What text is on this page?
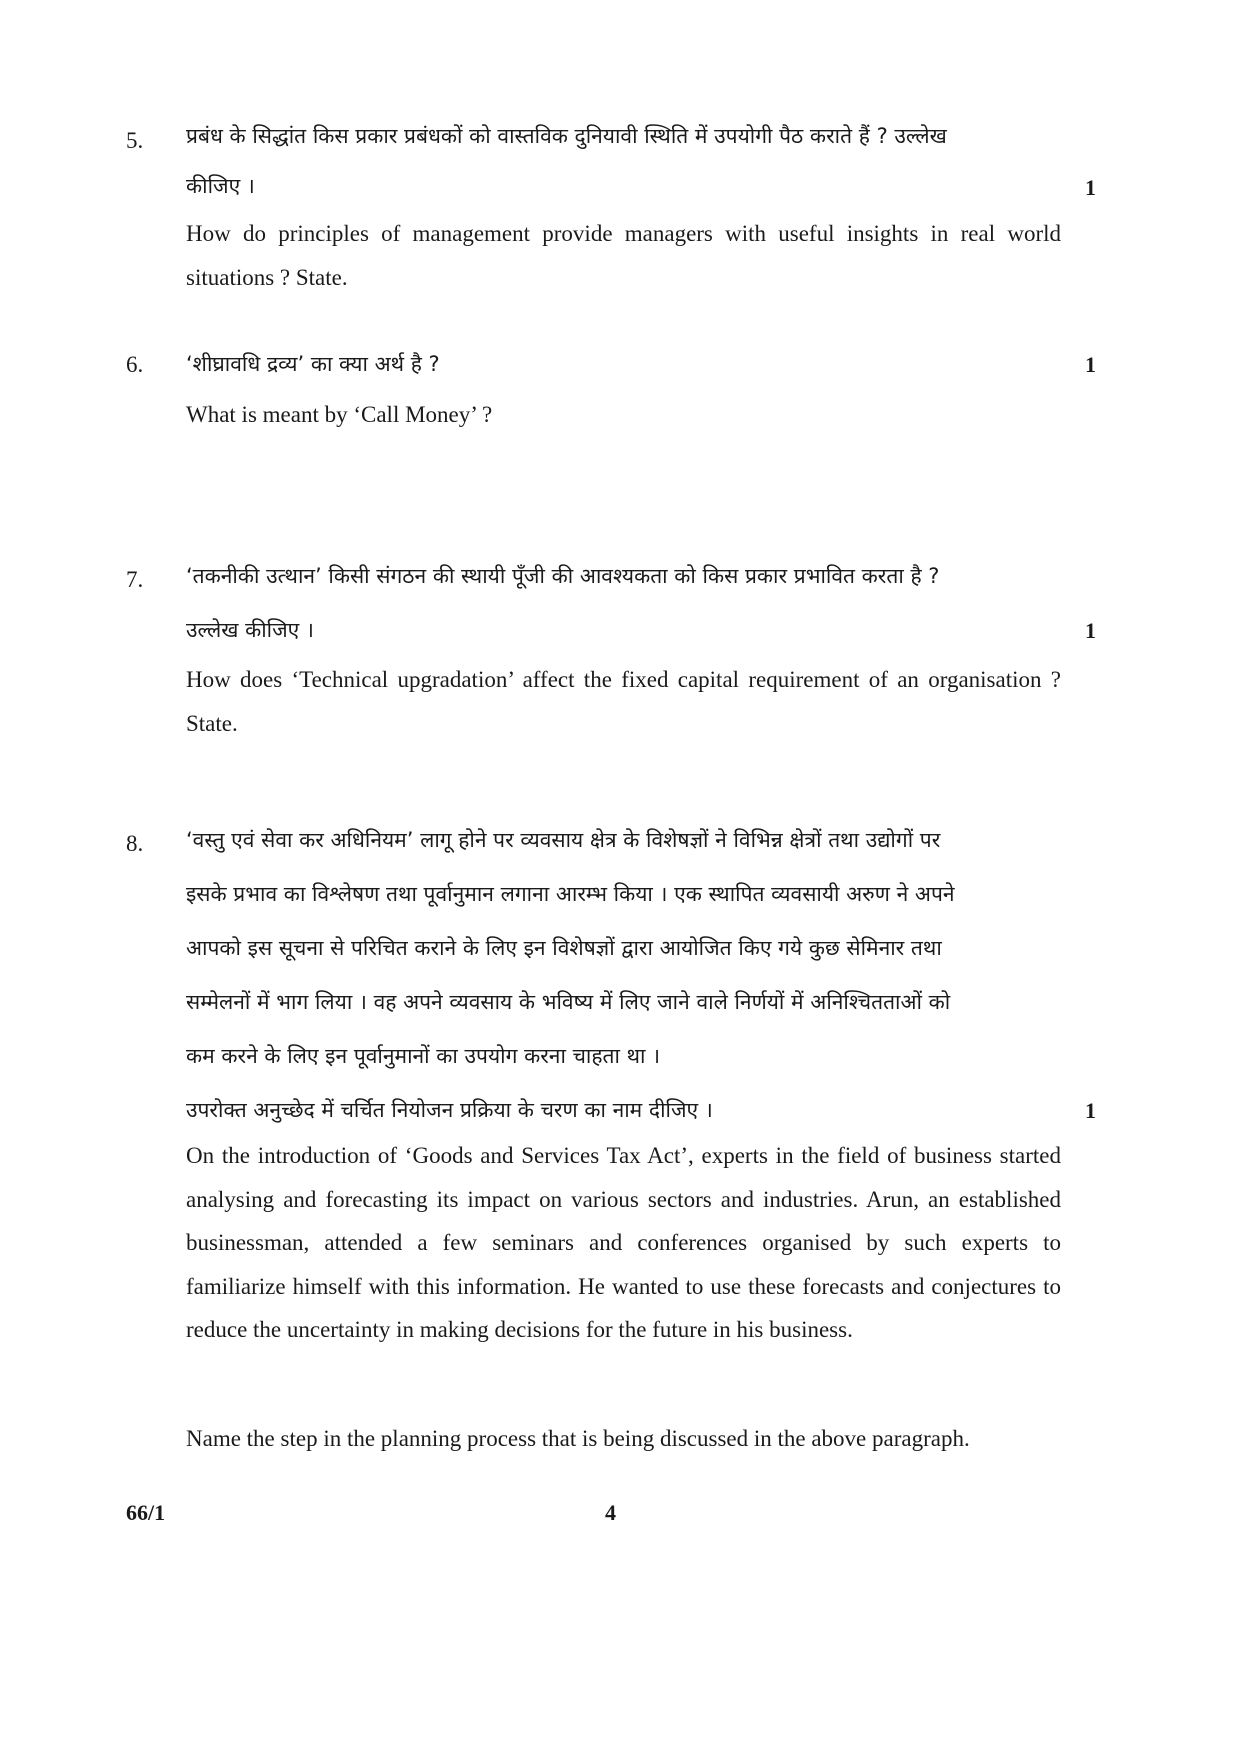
5. प्रबंध के सिद्धांत किस प्रकार प्रबंधकों को वास्तविक दुनियावी स्थिति में उपयोगी पैठ कराते हैं ? उल्लेख
कीजिए ।
How do principles of management provide managers with useful insights in real world situations ? State.
1
6. ‘शीघ्रावधि द्रव्य’ का क्या अर्थ है ?
What is meant by ‘Call Money’ ?
1
7. ‘तकनीकी उत्थान’ किसी संगठन की स्थायी पूँजी की आवश्यकता को किस प्रकार प्रभावित करता है ?
उल्लेख कीजिए ।
How does ‘Technical upgradation’ affect the fixed capital requirement of an organisation ? State.
1
8. ‘वस्तु एवं सेवा कर अधिनियम’ लागू होने पर व्यवसाय क्षेत्र के विशेषज्ञों ने विभिन्न क्षेत्रों तथा उद्योगों पर
इसके प्रभाव का विश्लेषण तथा पूर्वानुमान लगाना आरम्भ किया । एक स्थापित व्यवसायी अरुण ने अपने
आपको इस सूचना से परिचित कराने के लिए इन विशेषज्ञों द्वारा आयोजित किए गये कुछ सेमिनार तथा
सम्मेलनों में भाग लिया । वह अपने व्यवसाय के भविष्य में लिए जाने वाले निर्णयों में अनिश्चितताओं को
कम करने के लिए इन पूर्वानुमानों का उपयोग करना चाहता था ।
उपरोक्त अनुच्छेद में चर्चित नियोजन प्रक्रिया के चरण का नाम दीजिए ।
On the introduction of ‘Goods and Services Tax Act’, experts in the field of business started analysing and forecasting its impact on various sectors and industries. Arun, an established businessman, attended a few seminars and conferences organised by such experts to familiarize himself with this information. He wanted to use these forecasts and conjectures to reduce the uncertainty in making decisions for the future in his business.
Name the step in the planning process that is being discussed in the above paragraph.
1
66/1	4
